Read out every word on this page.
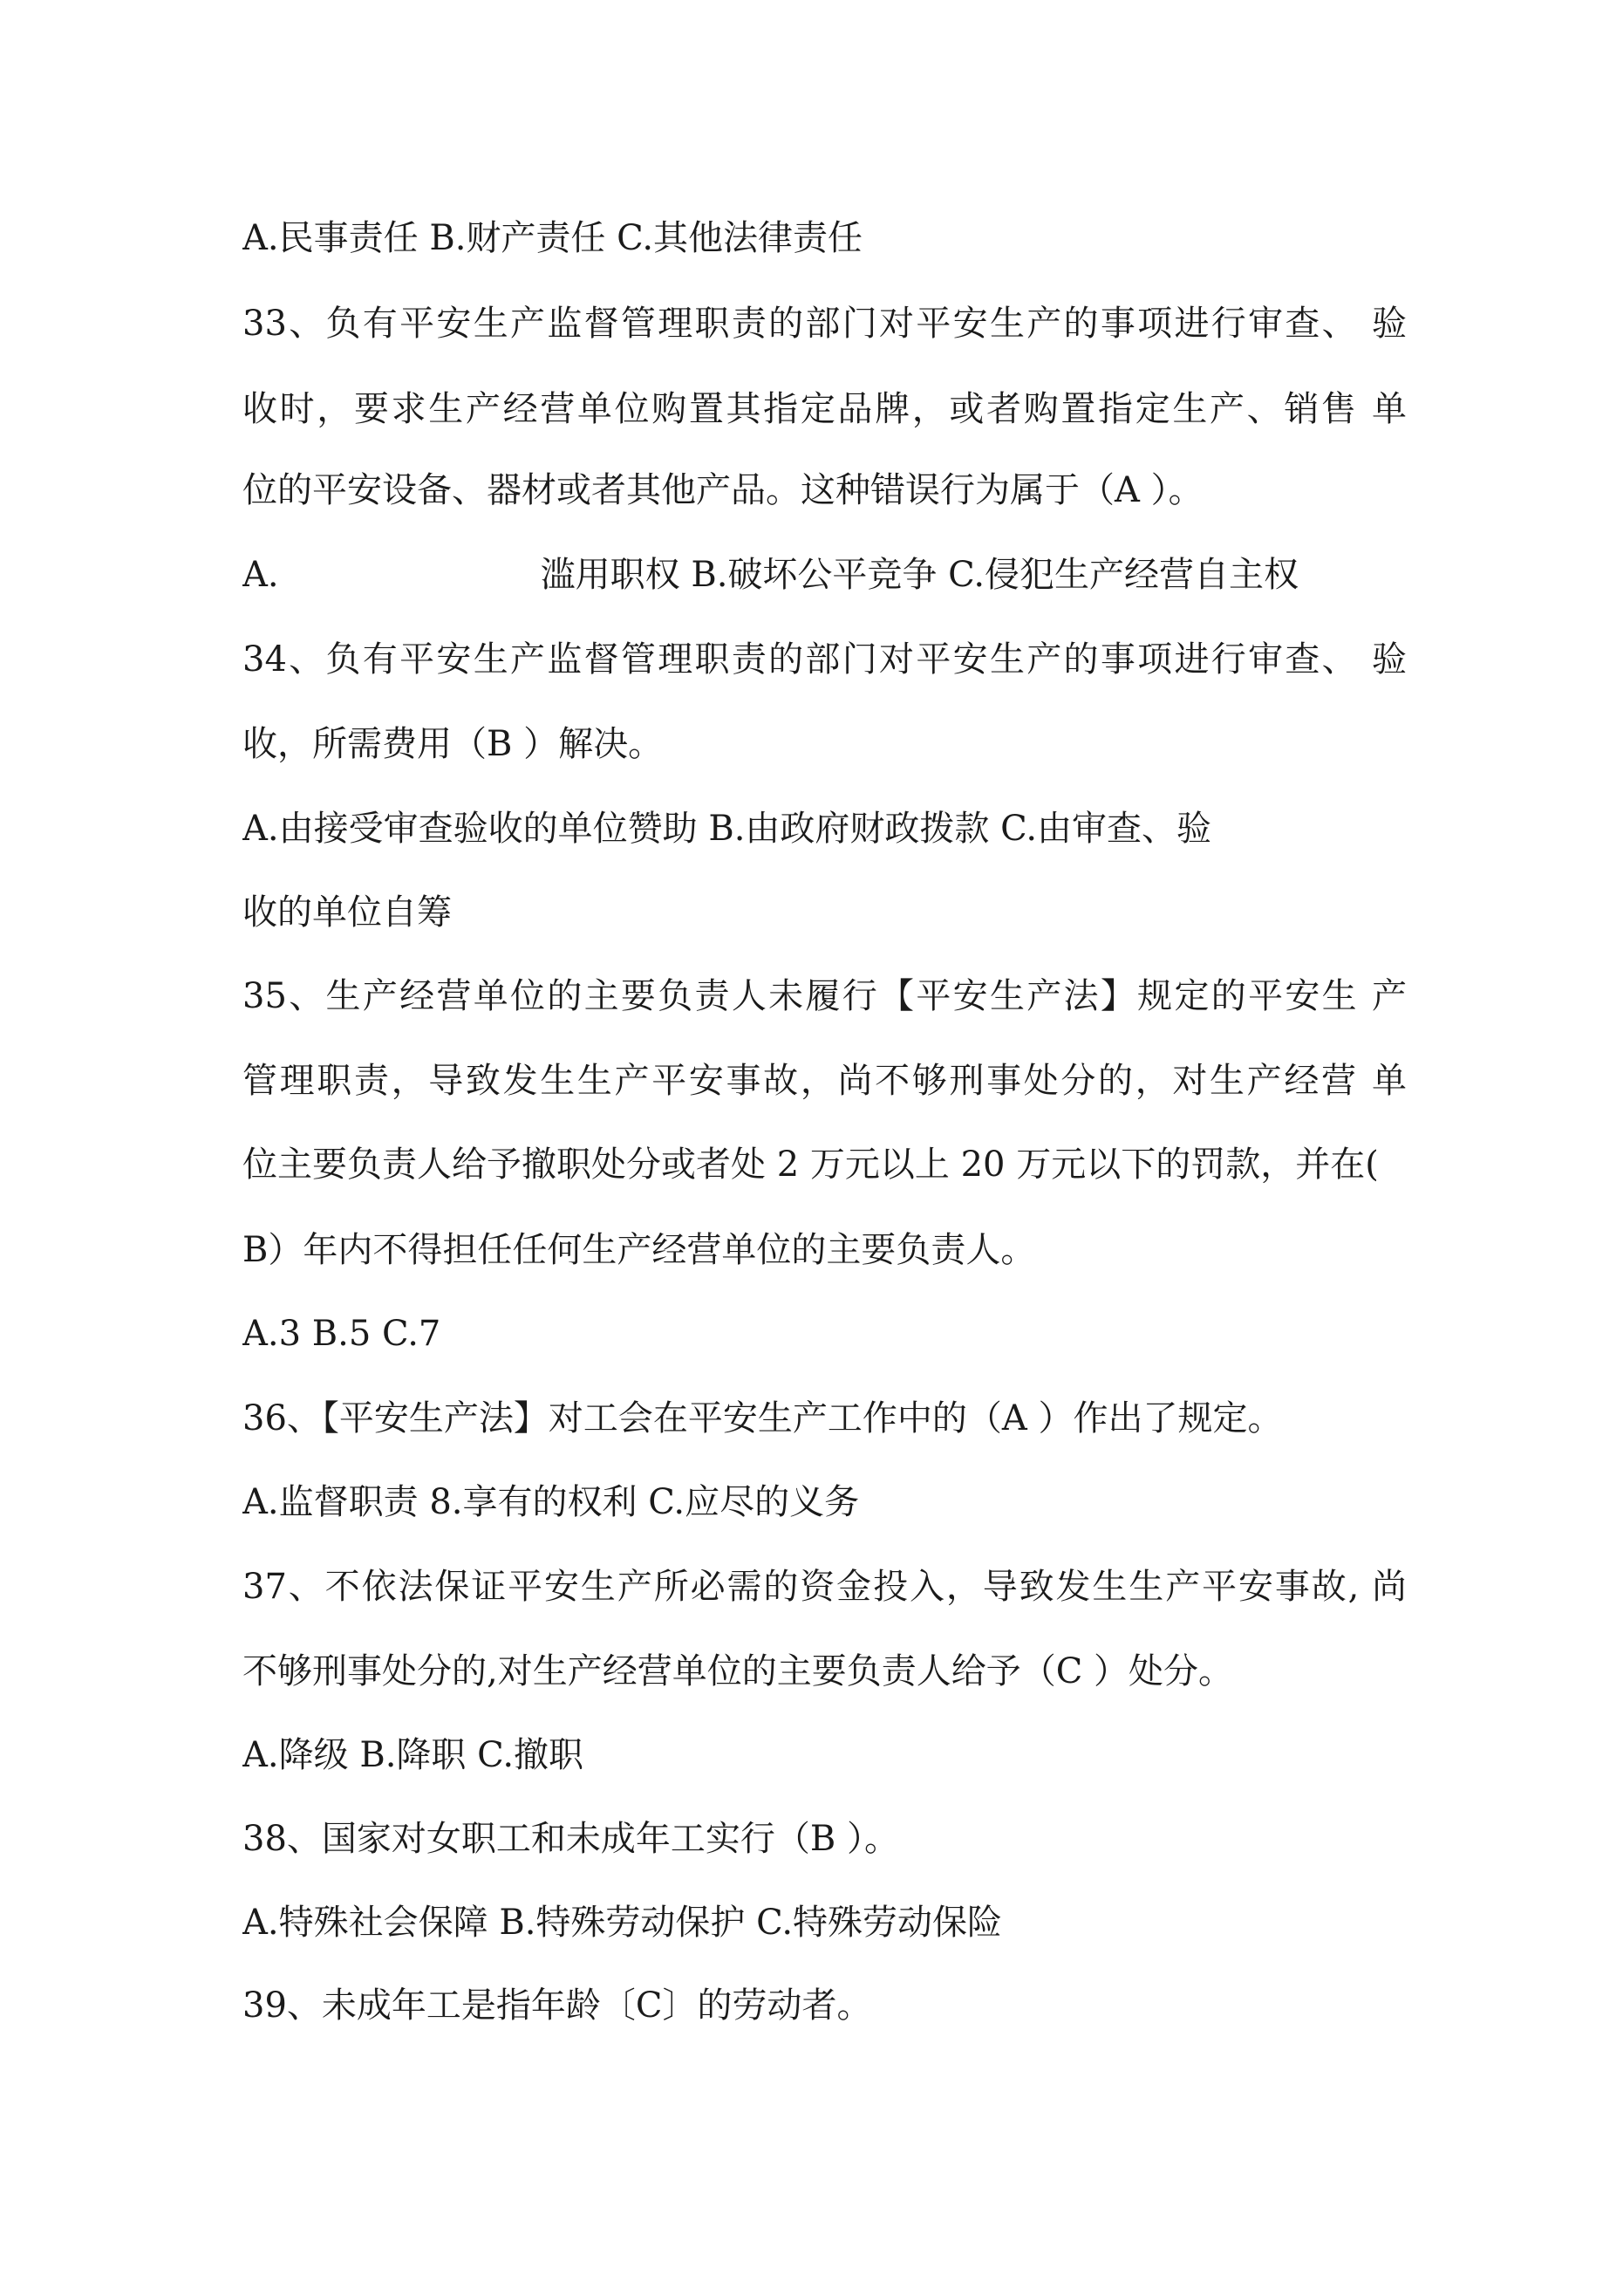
A.民事责任 B.财产责任 C.其他法律责任
33、负有平安生产监督管理职责的部门对平安生产的事项进行审查、 验
收时，要求生产经营单位购置其指定品牌，或者购置指定生产、销售 单
位的平安设备、器材或者其他产品。这种错误行为属于（A ）。
A.	滥用职权 B.破坏公平竞争 C.侵犯生产经营自主权
34、负有平安生产监督管理职责的部门对平安生产的事项进行审查、 验
收，所需费用（B ）解决。
A.由接受审查验收的单位赞助 B.由政府财政拨款 C.由审查、验
收的单位自筹
35、生产经营单位的主要负责人未履行【平安生产法】规定的平安生 产
管理职责，导致发生生产平安事故，尚不够刑事处分的，对生产经营 单
位主要负责人给予撤职处分或者处 2 万元以上 20 万元以下的罚款，并在(
B）年内不得担任任何生产经营单位的主要负责人。
A.3 B.5 C.7
36、【平安生产法】对工会在平安生产工作中的（A ）作出了规定。
A.监督职责 8.享有的权利 C.应尽的义务
37、不依法保证平安生产所必需的资金投入，导致发生生产平安事故, 尚
不够刑事处分的,对生产经营单位的主要负责人给予（C ）处分。
A.降级 B.降职 C.撤职
38、国家对女职工和未成年工实行（B ）。
A.特殊社会保障 B.特殊劳动保护 C.特殊劳动保险
39、未成年工是指年龄〔C〕的劳动者。
